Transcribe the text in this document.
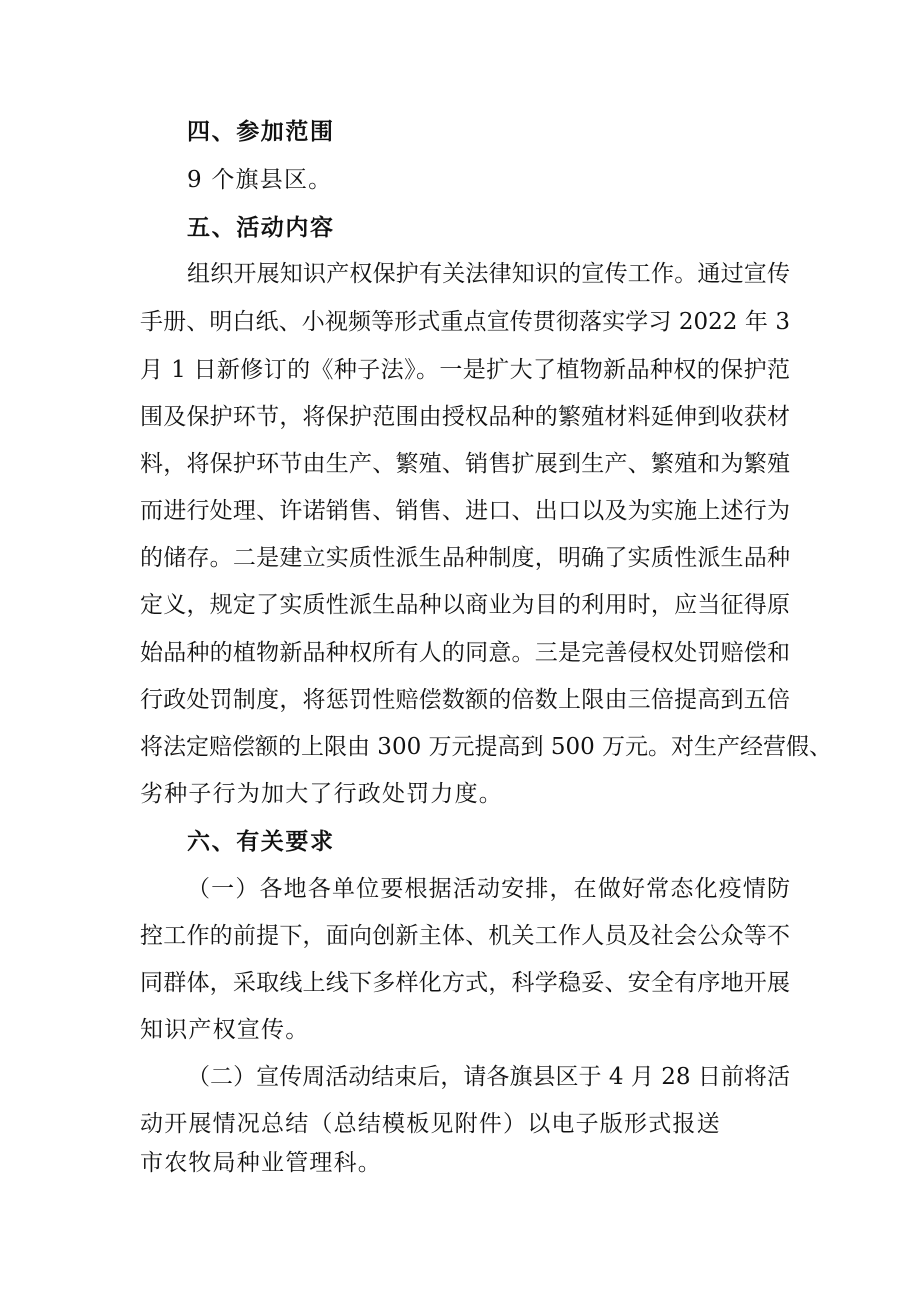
四、参加范围
9 个旗县区。
五、活动内容
组织开展知识产权保护有关法律知识的宣传工作。通过宣传
手册、明白纸、小视频等形式重点宣传贯彻落实学习 2022 年 3
月 1 日新修订的《种子法》。一是扩大了植物新品种权的保护范
围及保护环节，将保护范围由授权品种的繁殖材料延伸到收获材
料，将保护环节由生产、繁殖、销售扩展到生产、繁殖和为繁殖
而进行处理、许诺销售、销售、进口、出口以及为实施上述行为
的储存。二是建立实质性派生品种制度，明确了实质性派生品种
定义，规定了实质性派生品种以商业为目的利用时，应当征得原
始品种的植物新品种权所有人的同意。三是完善侵权处罚赔偿和
行政处罚制度，将惩罚性赔偿数额的倍数上限由三倍提高到五倍
将法定赔偿额的上限由 300 万元提高到 500 万元。对生产经营假、
劣种子行为加大了行政处罚力度。
六、有关要求
（一）各地各单位要根据活动安排，在做好常态化疫情防
控工作的前提下，面向创新主体、机关工作人员及社会公众等不
同群体，采取线上线下多样化方式，科学稳妥、安全有序地开展
知识产权宣传。
（二）宣传周活动结束后，请各旗县区于 4 月 28 日前将活
动开展情况总结（总结模板见附件）以电子版形式报送
市农牧局种业管理科。
